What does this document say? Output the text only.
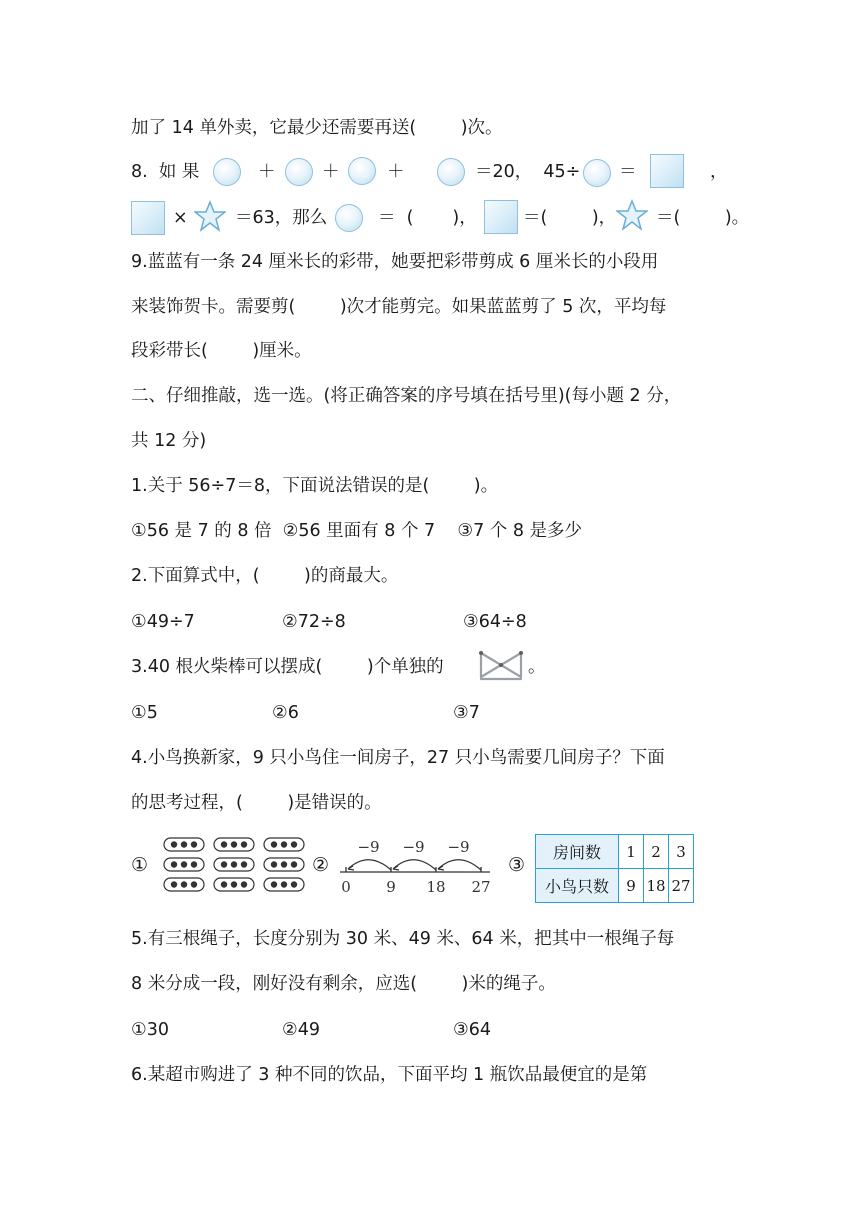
加了 14 单外卖，它最少还需要再送(        )次。
8.  如 果	＋	＋	＋	＝20，  45÷ ＝	，
×	＝63，那么	＝  (       )，	＝(        )， ＝(        )。
9.蓝蓝有一条 24 厘米长的彩带，她要把彩带剪成 6 厘米长的小段用
来装饰贺卡。需要剪(        )次才能剪完。如果蓝蓝剪了 5 次，平均每
段彩带长(        )厘米。
二、仔细推敲，选一选。(将正确答案的序号填在括号里)(每小题 2 分，
共 12 分)
1.关于 56÷7＝8，下面说法错误的是(        )。
①56 是 7 的 8 倍  ②56 里面有 8 个 7    ③7 个 8 是多少
2.下面算式中，(        )的商最大。
①49÷7	②72÷8	③64÷8
3.40 根火柴棒可以摆成(        )个单独的	。
①5	②6	③7
4.小鸟换新家，9 只小鸟住一间房子，27 只小鸟需要几间房子？下面
的思考过程，(        )是错误的。
①	②
0 9 18 27
−9 −9 −9
③
房间数	1	2	3
小鸟只数	9	18	27
5.有三根绳子，长度分别为 30 米、49 米、64 米，把其中一根绳子每
8 米分成一段，刚好没有剩余，应选(        )米的绳子。
①30	②49	③64
6.某超市购进了 3 种不同的饮品，下面平均 1 瓶饮品最便宜的是第
